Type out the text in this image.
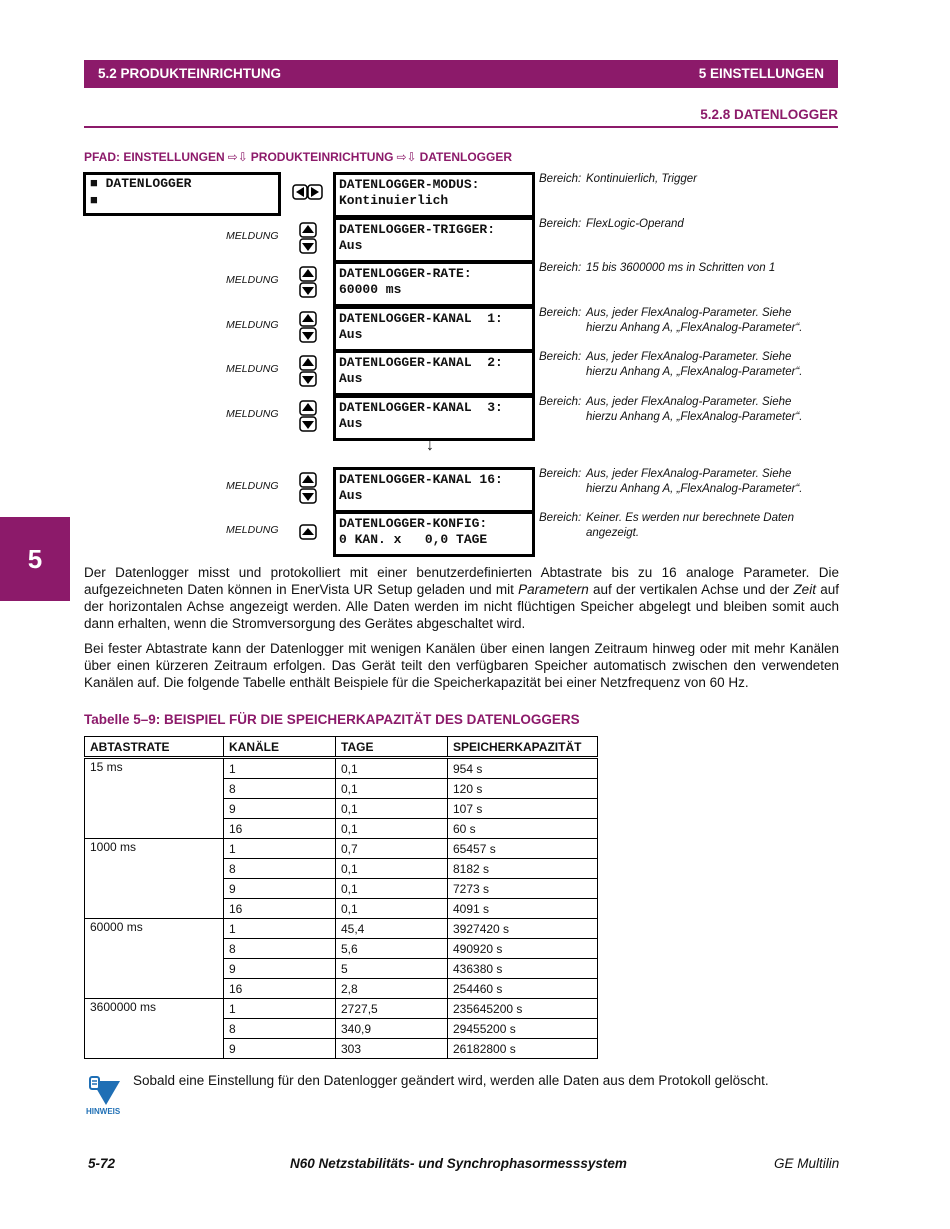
5.2 PRODUKTEINRICHTUNG	5 EINSTELLUNGEN
5.2.8 DATENLOGGER
PFAD: EINSTELLUNGEN ⇨⇩ PRODUKTEINRICHTUNG ⇨⇩ DATENLOGGER
■ DATENLOGGER
■
DATENLOGGER-MODUS:
Kontinuierlich
Bereich: Kontinuierlich, Trigger
DATENLOGGER-TRIGGER:
Aus
Bereich: FlexLogic-Operand
MELDUNG
DATENLOGGER-RATE:
60000 ms
Bereich: 15 bis 3600000 ms in Schritten von 1
MELDUNG
DATENLOGGER-KANAL  1:
Aus
Bereich: Aus, jeder FlexAnalog-Parameter. Siehe
hierzu Anhang A, „FlexAnalog-Parameter“.
MELDUNG
DATENLOGGER-KANAL  2:
Aus
Bereich: Aus, jeder FlexAnalog-Parameter. Siehe
hierzu Anhang A, „FlexAnalog-Parameter“.
MELDUNG
DATENLOGGER-KANAL  3:
Aus
Bereich: Aus, jeder FlexAnalog-Parameter. Siehe
hierzu Anhang A, „FlexAnalog-Parameter“.
MELDUNG
DATENLOGGER-KANAL 16:
Aus
Bereich: Aus, jeder FlexAnalog-Parameter. Siehe
hierzu Anhang A, „FlexAnalog-Parameter“.
MELDUNG
DATENLOGGER-KONFIG:
0 KAN. x   0,0 TAGE
Bereich: Keiner. Es werden nur berechnete Daten
angezeigt.
MELDUNG
↓
5	Der Datenlogger misst und protokolliert mit einer benutzerdefinierten Abtastrate bis zu 16 analoge Parameter. Die aufgezeichneten Daten können in EnerVista UR Setup geladen und mit Parametern auf der vertikalen Achse und der Zeit auf der horizontalen Achse angezeigt werden. Alle Daten werden im nicht flüchtigen Speicher abgelegt und bleiben somit auch dann erhalten, wenn die Stromversorgung des Gerätes abgeschaltet wird.
Bei fester Abtastrate kann der Datenlogger mit wenigen Kanälen über einen langen Zeitraum hinweg oder mit mehr Kanälen über einen kürzeren Zeitraum erfolgen. Das Gerät teilt den verfügbaren Speicher automatisch zwischen den verwendeten Kanälen auf. Die folgende Tabelle enthält Beispiele für die Speicherkapazität bei einer Netzfrequenz von 60 Hz.
Tabelle 5–9: BEISPIEL FÜR DIE SPEICHERKAPAZITÄT DES DATENLOGGERS
ABTASTRATE	KANÄLE	TAGE	SPEICHERKAPAZITÄT
15 ms	1	0,1	954 s
	8	0,1	120 s
	9	0,1	107 s
	16	0,1	60 s
1000 ms	1	0,7	65457 s
	8	0,1	8182 s
	9	0,1	7273 s
	16	0,1	4091 s
60000 ms	1	45,4	3927420 s
	8	5,6	490920 s
	9	5	436380 s
	16	2,8	254460 s
3600000 ms	1	2727,5	235645200 s
	8	340,9	29455200 s
	9	303	26182800 s
HINWEIS
Sobald eine Einstellung für den Datenlogger geändert wird, werden alle Daten aus dem Protokoll gelöscht.
5-72	N60 Netzstabilitäts- und Synchrophasormesssystem	GE Multilin
